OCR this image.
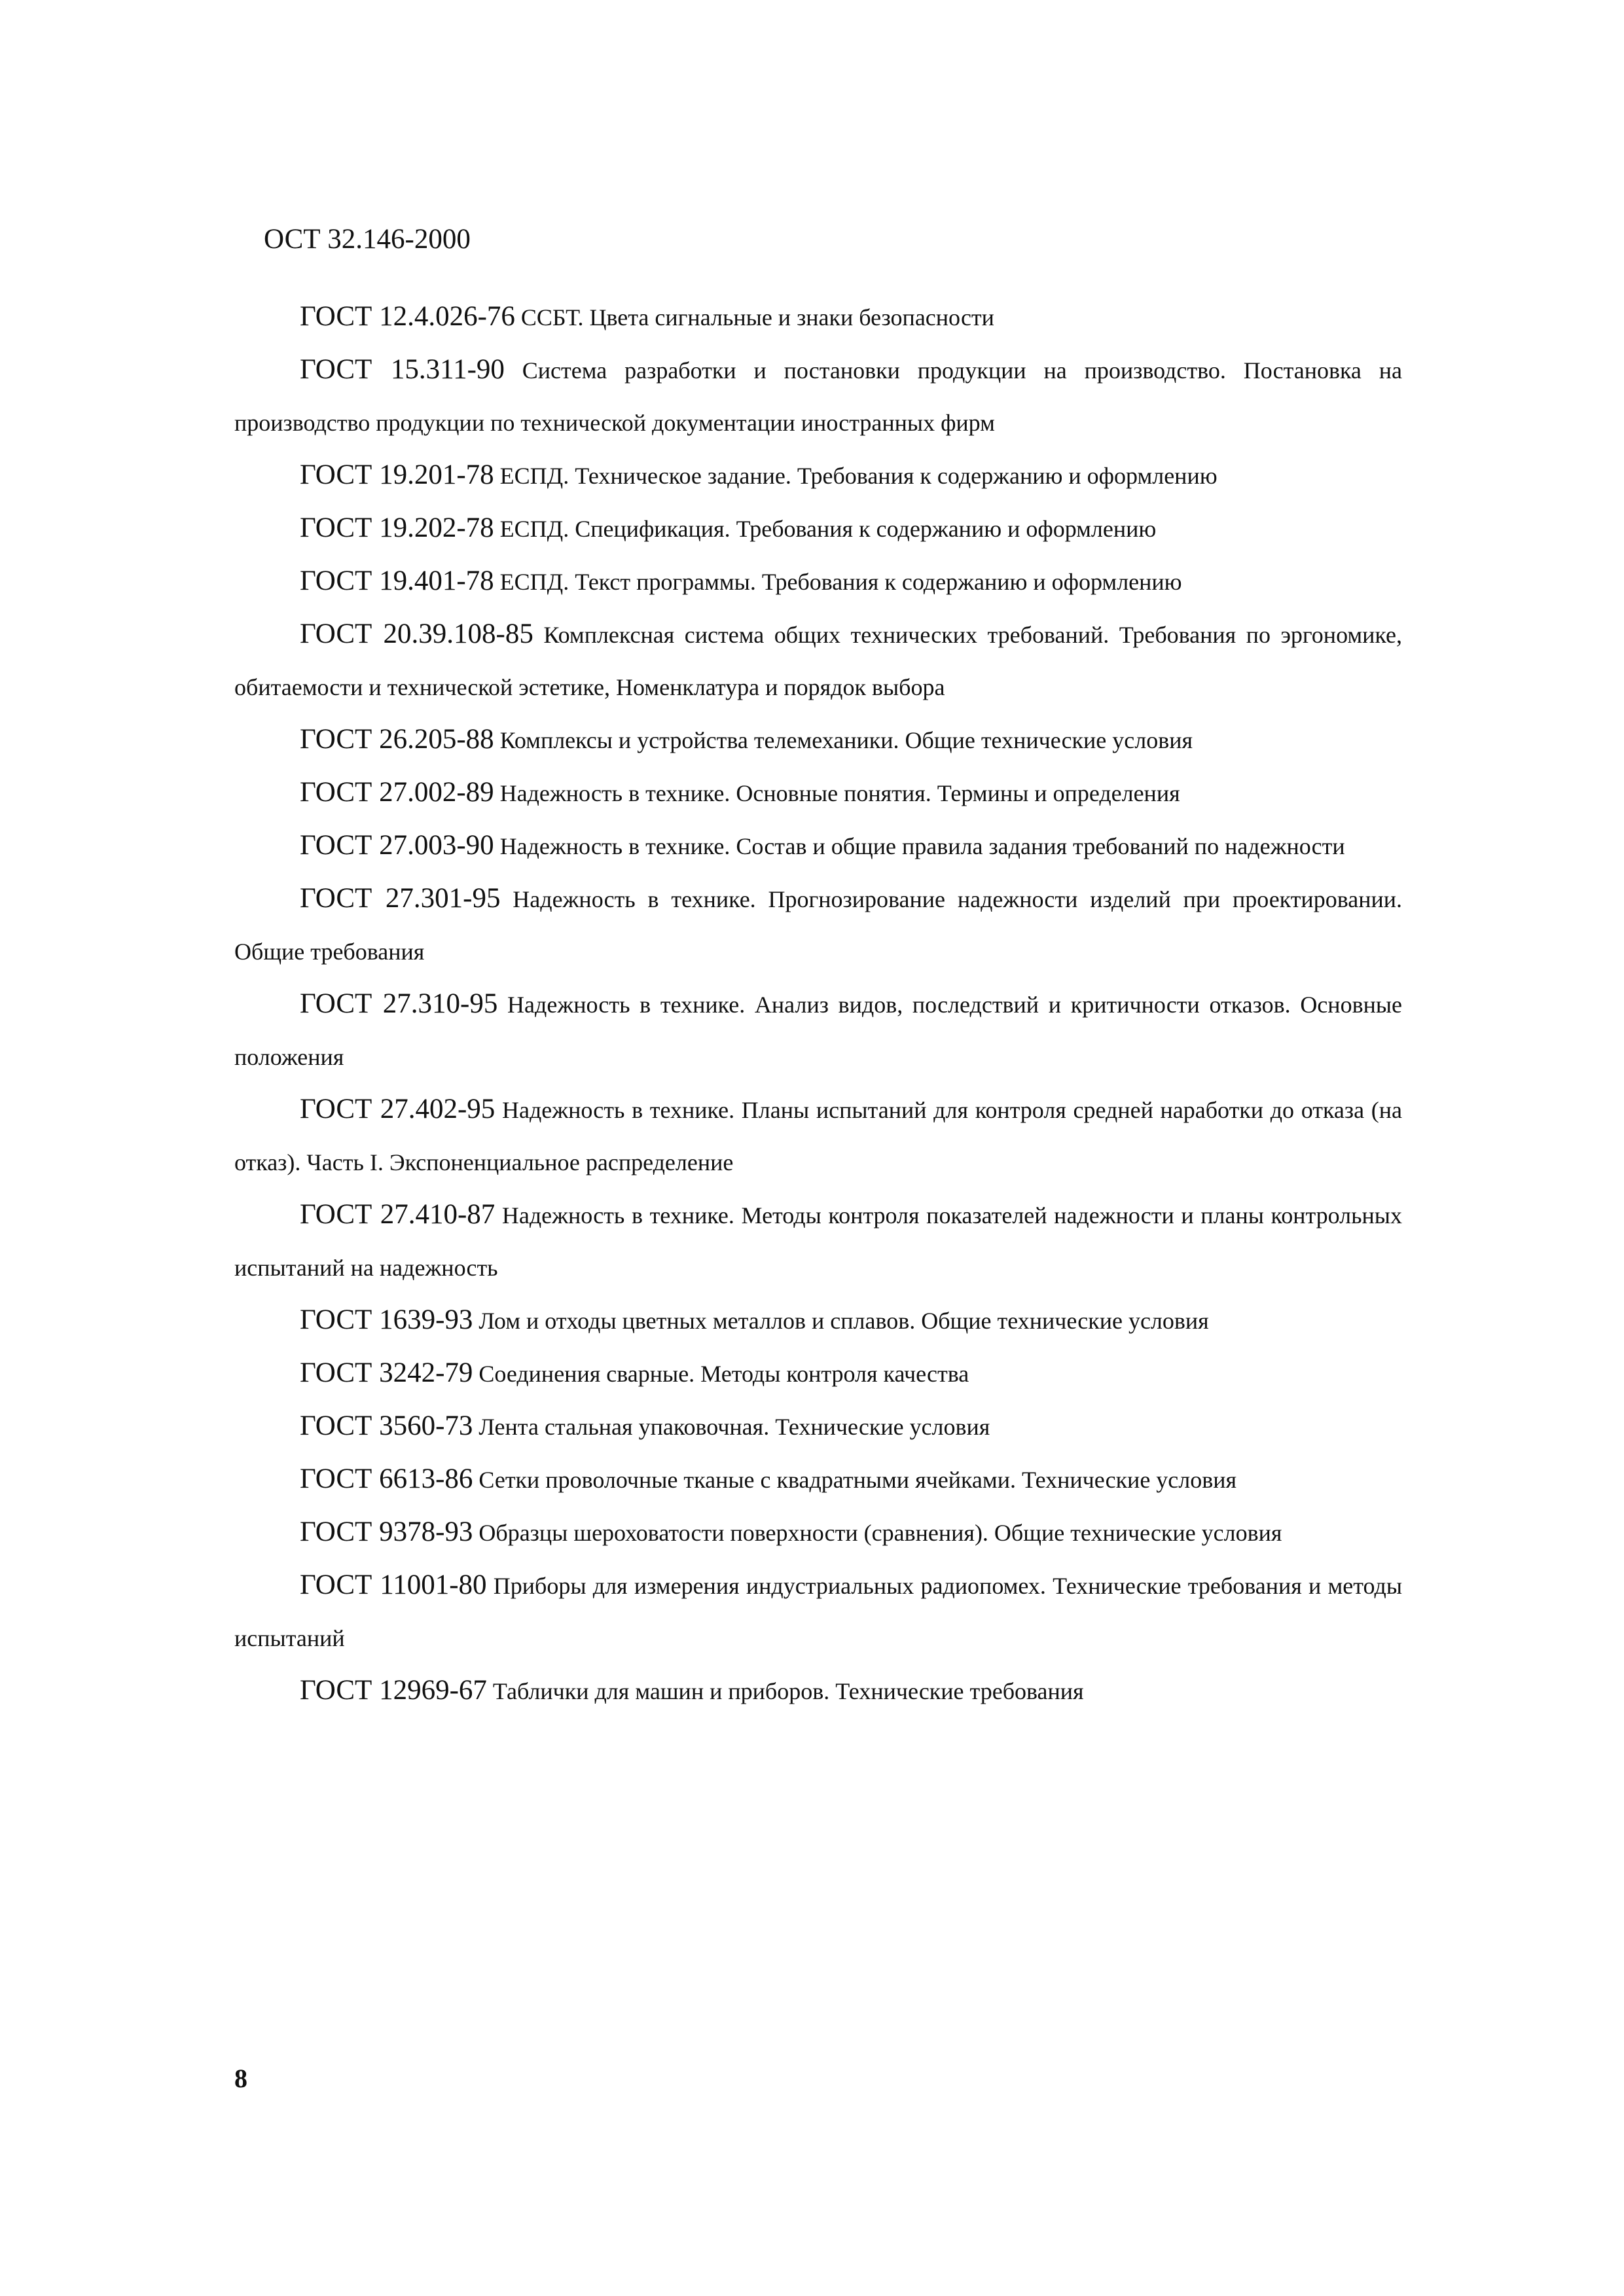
ОСТ 32.146-2000

ГОСТ 12.4.026-76 ССБТ. Цвета сигнальные и знаки безопасности

ГОСТ 15.311-90 Система разработки и постановки продукции на производство. Постановка на производство продукции по технической документации иностранных фирм

ГОСТ 19.201-78 ЕСПД. Техническое задание. Требования к содержанию и оформлению

ГОСТ 19.202-78 ЕСПД. Спецификация. Требования к содержанию и оформлению

ГОСТ 19.401-78 ЕСПД. Текст программы. Требования к содержанию и оформлению

ГОСТ 20.39.108-85 Комплексная система общих технических требований. Требования по эргономике, обитаемости и технической эстетике, Номенклатура и порядок выбора

ГОСТ 26.205-88 Комплексы и устройства телемеханики. Общие технические условия

ГОСТ 27.002-89 Надежность в технике. Основные понятия. Термины и определения

ГОСТ 27.003-90 Надежность в технике. Состав и общие правила задания требований по надежности

ГОСТ 27.301-95 Надежность в технике. Прогнозирование надежности изделий при проектировании. Общие требования

ГОСТ 27.310-95 Надежность в технике. Анализ видов, последствий и критичности отказов. Основные положения

ГОСТ 27.402-95 Надежность в технике. Планы испытаний для контроля средней наработки до отказа (на отказ). Часть I. Экспоненциальное распределение

ГОСТ 27.410-87 Надежность в технике. Методы контроля показателей надежности и планы контрольных испытаний на надежность

ГОСТ 1639-93 Лом и отходы цветных металлов и сплавов. Общие технические условия

ГОСТ 3242-79 Соединения сварные. Методы контроля качества

ГОСТ 3560-73 Лента стальная упаковочная. Технические условия

ГОСТ 6613-86 Сетки проволочные тканые с квадратными ячейками. Технические условия

ГОСТ 9378-93 Образцы шероховатости поверхности (сравнения). Общие технические условия

ГОСТ 11001-80 Приборы для измерения индустриальных радиопомех. Технические требования и методы испытаний

ГОСТ 12969-67 Таблички для машин и приборов. Технические требования

8
